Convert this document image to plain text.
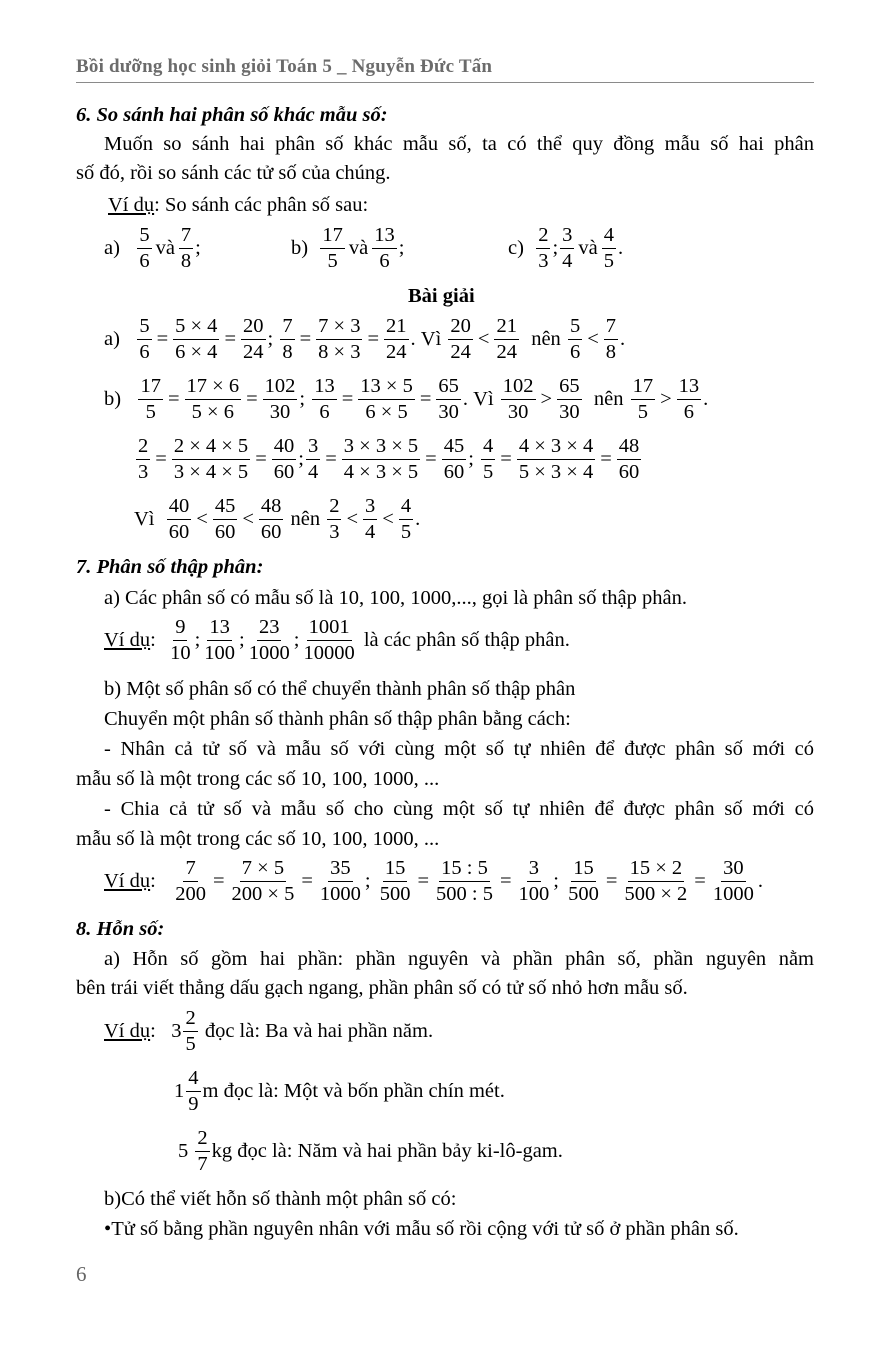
Bồi dưỡng học sinh giỏi Toán 5 _ Nguyễn Đức Tấn
6. So sánh hai phân số khác mẫu số:
Muốn so sánh hai phân số khác mẫu số, ta có thể quy đồng mẫu số hai phân
số đó, rồi so sánh các tử số của chúng.
Ví dụ: So sánh các phân số sau:
a)

5
6
và
7
8
;	b)

17
5
và
13
6
;	c)

2
3
;
3
4
và
4
5
.
Bài giải
a)
$\frac{5}{6} = \frac{5 \times 4}{6 \times 4} = \frac{20}{24}$ ; $\frac{7}{8} = \frac{7 \times 3}{8 \times 3} = \frac{21}{24}$ . Vì

20
24
<
21
24

nên

5
6
<
7
8
.
b)
$\frac{17}{5} = \frac{17 \times 6}{5 \times 6} = \frac{102}{30}$ ; $\frac{13}{6} = \frac{13 \times 5}{6 \times 5} = \frac{65}{30}$ . Vì

102
30
>
65
30

nên

17
5
>
13
6
.
$\frac{2}{3} = \frac{2 \times 4 \times 5}{3 \times 4 \times 5} = \frac{40}{60}$ ; $\frac{3}{4} = \frac{3 \times 3 \times 5}{4 \times 3 \times 5} = \frac{45}{60}$ ; $\frac{4}{5} = \frac{4 \times 3 \times 4}{5 \times 3 \times 4} = \frac{48}{60}$
Vì

40
60
<
45
60
<
48
60

nên

2
3
<
3
4
<
4
5
.
7. Phân số thập phân:
a) Các phân số có mẫu số là 10, 100, 1000,..., gọi là phân số thập phân.
Ví dụ :
9
10
;
13
100
;
23
1000
;
1001
10000

là các phân số thập phân.
b) Một số phân số có thể chuyển thành phân số thập phân
Chuyển một phân số thành phân số thập phân bằng cách:
- Nhân cả tử số và mẫu số với cùng một số tự nhiên để được phân số mới có
mẫu số là một trong các số 10, 100, 1000, ...
- Chia cả tử số và mẫu số cho cùng một số tự nhiên để được phân số mới có
mẫu số là một trong các số 10, 100, 1000, ...
Ví dụ : $\frac{7}{200} = \frac{7 \times 5}{200 \times 5} = \frac{35}{1000}$ ; $\frac{15}{500} = \frac{15 : 5}{500 : 5} = \frac{3}{100}$ ; $\frac{15}{500} = \frac{15 \times 2}{500 \times 2} = \frac{30}{1000}$ .
8. Hỗn số:
a) Hỗn số gồm hai phần: phần nguyên và phần phân số, phần nguyên nằm
bên trái viết thẳng dấu gạch ngang, phần phân số có tử số nhỏ hơn mẫu số.
Ví dụ : 3
2
5

đọc là: Ba và hai phần năm.
1
4
9
m đọc là: Một và bốn phần chín mét.
5

2
7
kg đọc là: Năm và hai phần bảy ki-lô-gam.
b)Có thể viết hỗn số thành một phân số có:
•Tử số bằng phần nguyên nhân với mẫu số rồi cộng với tử số ở phần phân số.
6
